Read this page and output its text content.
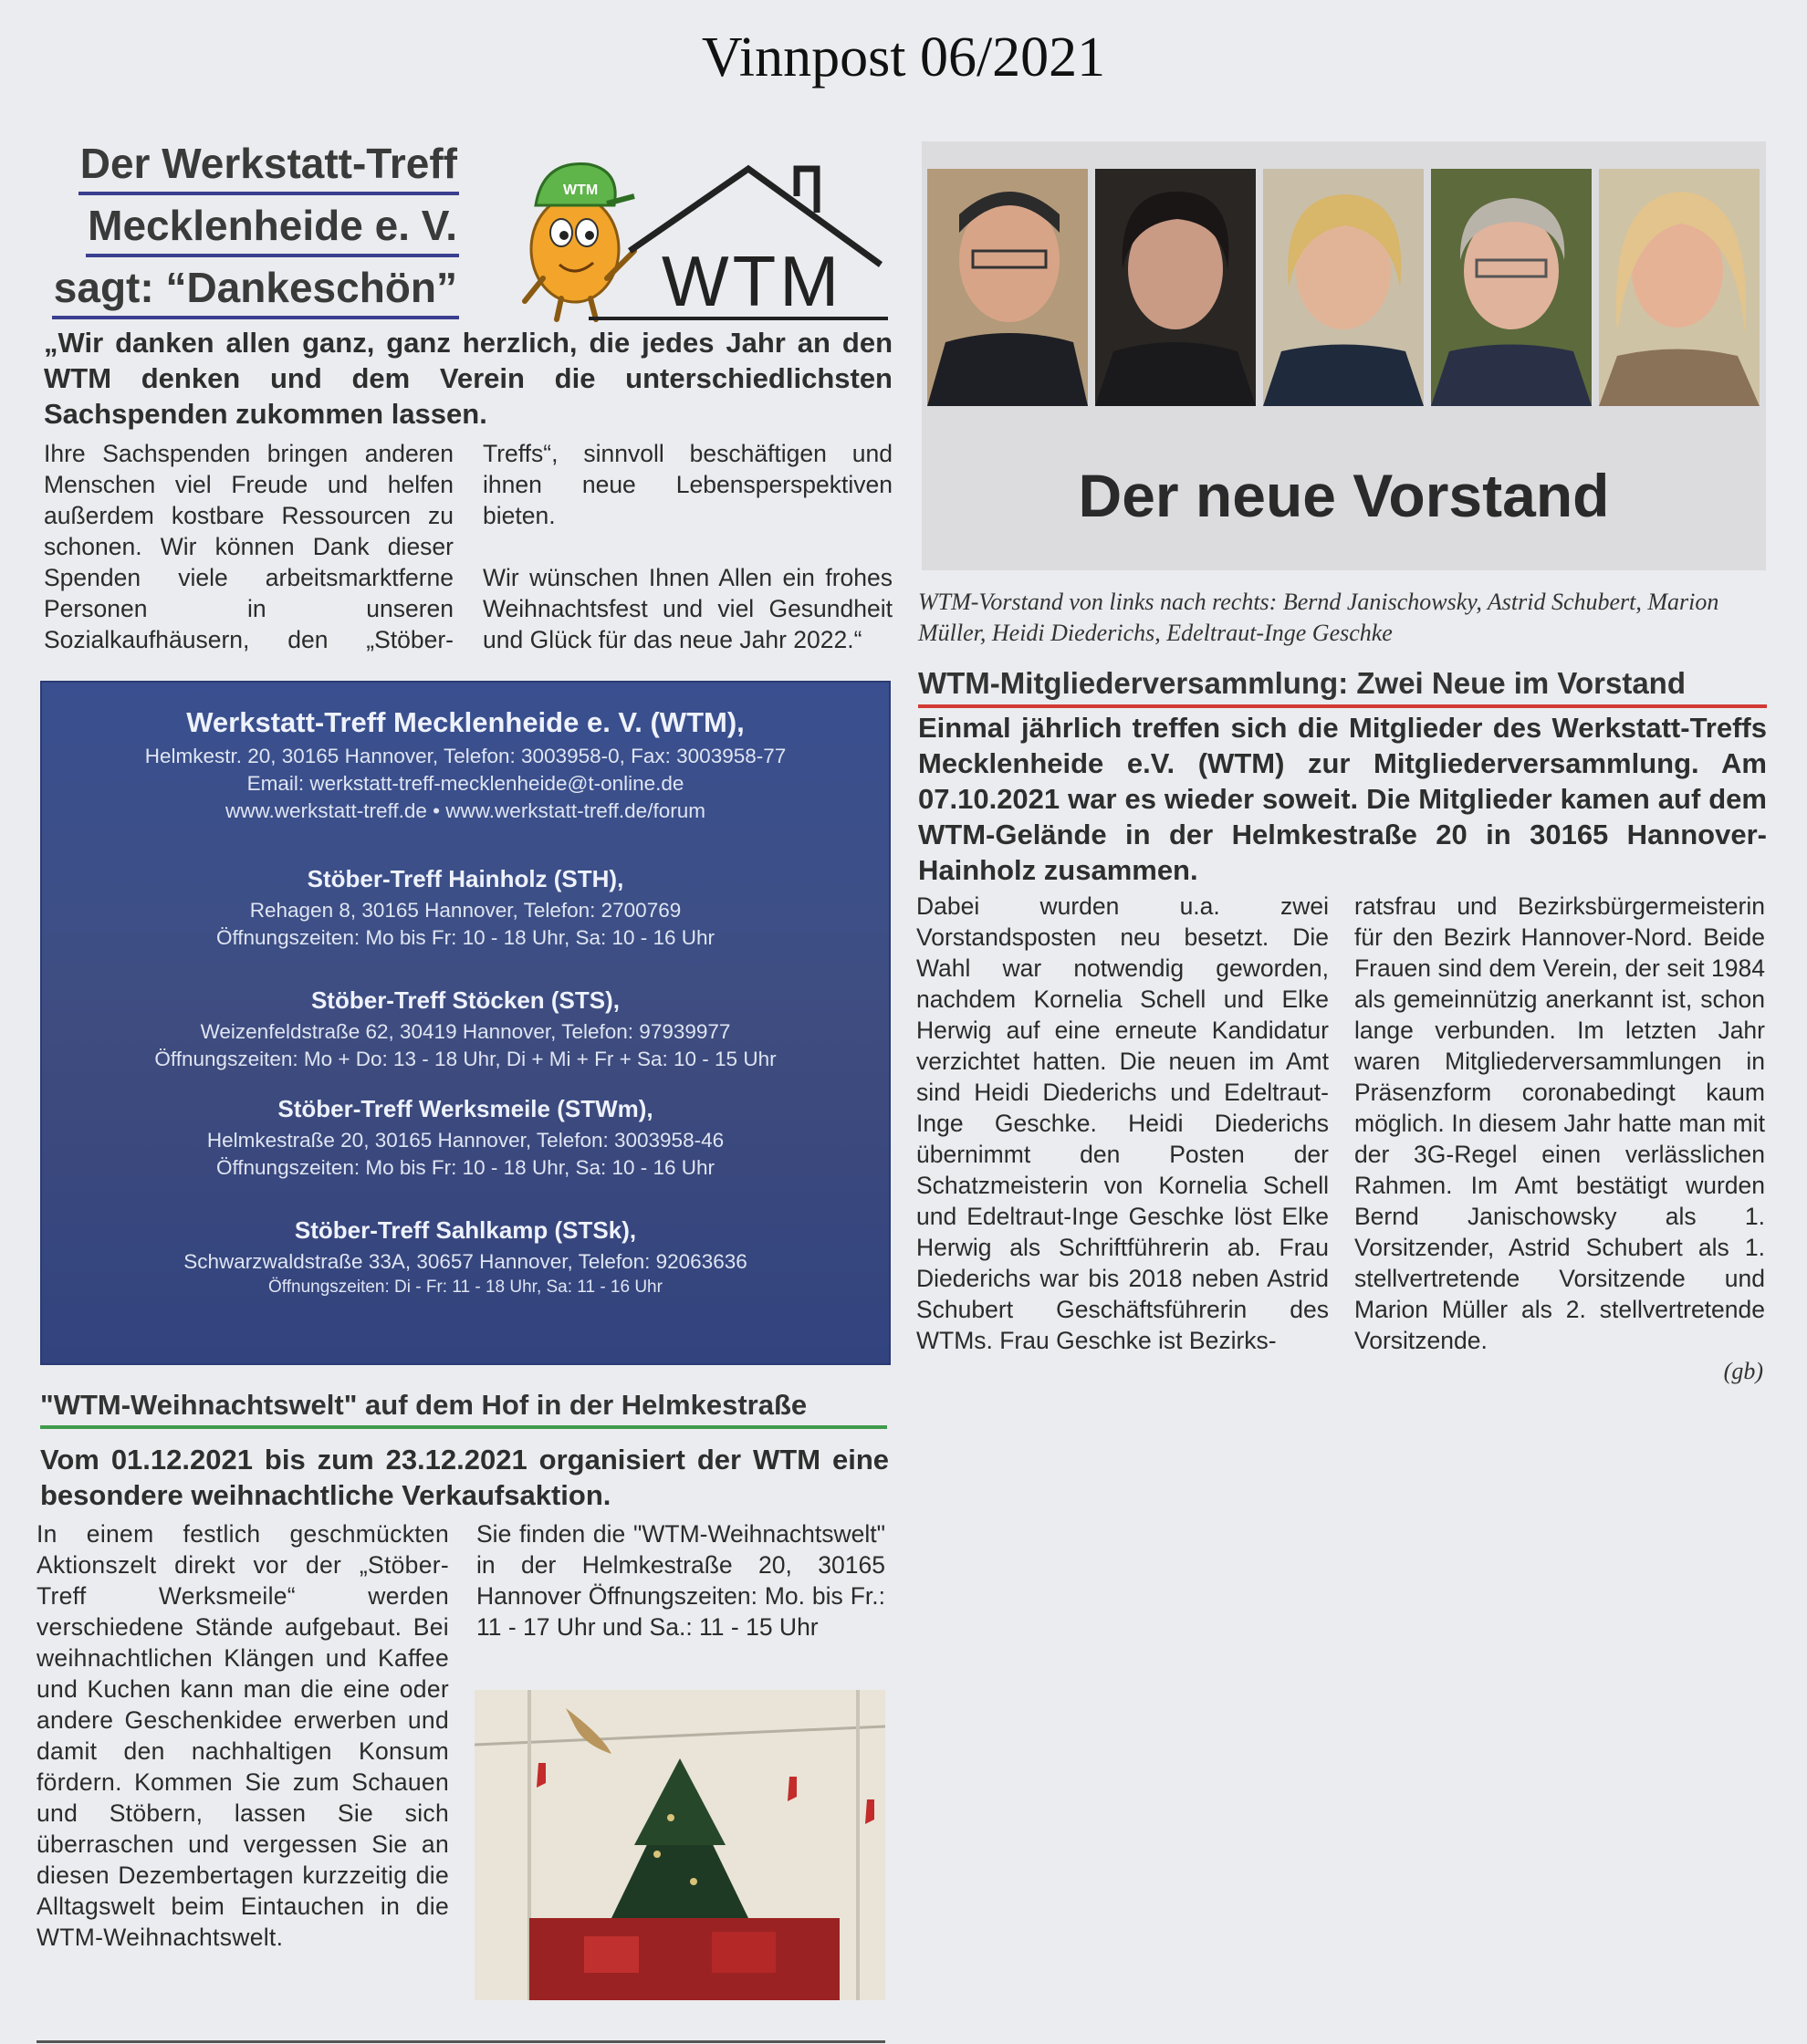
Vinnpost 06/2021
Der Werkstatt-Treff
Mecklenheide e. V.
sagt: “Dankeschön”
WTM
WTM
„Wir danken allen ganz, ganz herzlich, die jedes Jahr an den WTM denken und dem Verein die unterschiedlichsten Sachspenden zukommen lassen.

Ihre Sachspenden bringen anderen Menschen viel Freude und helfen außerdem kostbare Ressourcen zu schonen. Wir können Dank dieser Spenden viele arbeitsmarktferne Personen in unseren Sozialkaufhäusern, den „Stöber-Treffs“, sinnvoll beschäftigen und ihnen neue Lebensperspektiven bieten.

Wir wünschen Ihnen Allen ein frohes Weihnachtsfest und viel Gesundheit und Glück für das neue Jahr 2022.“

Werkstatt-Treff Mecklenheide e. V. (WTM),
Helmkestr. 20, 30165 Hannover, Telefon: 3003958-0, Fax: 3003958-77
Email: werkstatt-treff-mecklenheide@t-online.de
www.werkstatt-treff.de • www.werkstatt-treff.de/forum
Stöber-Treff Hainholz (STH),
Rehagen 8, 30165 Hannover, Telefon: 2700769
Öffnungszeiten: Mo bis Fr: 10 - 18 Uhr, Sa: 10 - 16 Uhr
Stöber-Treff Stöcken (STS),
Weizenfeldstraße 62, 30419 Hannover, Telefon: 97939977
Öffnungszeiten: Mo + Do: 13 - 18 Uhr, Di + Mi + Fr + Sa: 10 - 15 Uhr
Stöber-Treff Werksmeile (STWm),
Helmkestraße 20, 30165 Hannover, Telefon: 3003958-46
Öffnungszeiten: Mo bis Fr: 10 - 18 Uhr, Sa: 10 - 16 Uhr
Stöber-Treff Sahlkamp (STSk),
Schwarzwaldstraße 33A, 30657 Hannover, Telefon: 92063636
Öffnungszeiten: Di - Fr: 11 - 18 Uhr, Sa: 11 - 16 Uhr
"WTM-Weihnachtswelt" auf dem Hof in der Helmkestraße
Vom 01.12.2021 bis zum 23.12.2021 organisiert der WTM eine besondere weihnachtliche Verkaufsaktion.
In einem festlich geschmückten Aktionszelt direkt vor der „Stöber-Treff Werksmeile“ werden verschiedene Stände aufgebaut. Bei weihnachtlichen Klängen und Kaffee und Kuchen kann man die eine oder andere Geschenkidee erwerben und damit den nachhaltigen Konsum fördern. Kommen Sie zum Schauen und Stöbern, lassen Sie sich überraschen und vergessen Sie an diesen Dezembertagen kurzzeitig die Alltagswelt beim Eintauchen in die WTM-Weihnachtswelt.
Sie finden die "WTM-Weihnachtswelt" in der Helmkestraße 20, 30165 Hannover Öffnungszeiten: Mo. bis Fr.: 11 - 17 Uhr und Sa.: 11 - 15 Uhr
Der neue Vorstand
WTM-Vorstand von links nach rechts: Bernd Janischowsky, Astrid Schubert, Marion Müller, Heidi Diederichs, Edeltraut-Inge Geschke
WTM-Mitgliederversammlung: Zwei Neue im Vorstand
Einmal jährlich treffen sich die Mitglieder des Werkstatt-Treffs Mecklenheide e.V. (WTM) zur Mitgliederversammlung. Am 07.10.2021 war es wieder soweit. Die Mitglieder kamen auf dem WTM-Gelände in der Helmkestraße 20 in 30165 Hannover-Hainholz zusammen.
Dabei wurden u.a. zwei Vorstandsposten neu besetzt. Die Wahl war notwendig geworden, nachdem Kornelia Schell und Elke Herwig auf eine erneute Kandidatur verzichtet hatten. Die neuen im Amt sind Heidi Diederichs und Edeltraut-Inge Geschke. Heidi Diederichs übernimmt den Posten der Schatzmeisterin von Kornelia Schell und Edeltraut-Inge Geschke löst Elke Herwig als Schriftführerin ab. Frau Diederichs war bis 2018 neben Astrid Schubert Geschäftsführerin des WTMs. Frau Geschke ist Bezirks-
ratsfrau und Bezirksbürgermeisterin für den Bezirk Hannover-Nord. Beide Frauen sind dem Verein, der seit 1984 als gemeinnützig anerkannt ist, schon lange verbunden. Im letzten Jahr waren Mitgliederversammlungen in Präsenzform coronabedingt kaum möglich. In diesem Jahr hatte man mit der 3G-Regel einen verlässlichen Rahmen. Im Amt bestätigt wurden Bernd Janischowsky als 1. Vorsitzender, Astrid Schubert als 1. stellvertretende Vorsitzende und Marion Müller als 2. stellvertretende Vorsitzende.
(gb)
